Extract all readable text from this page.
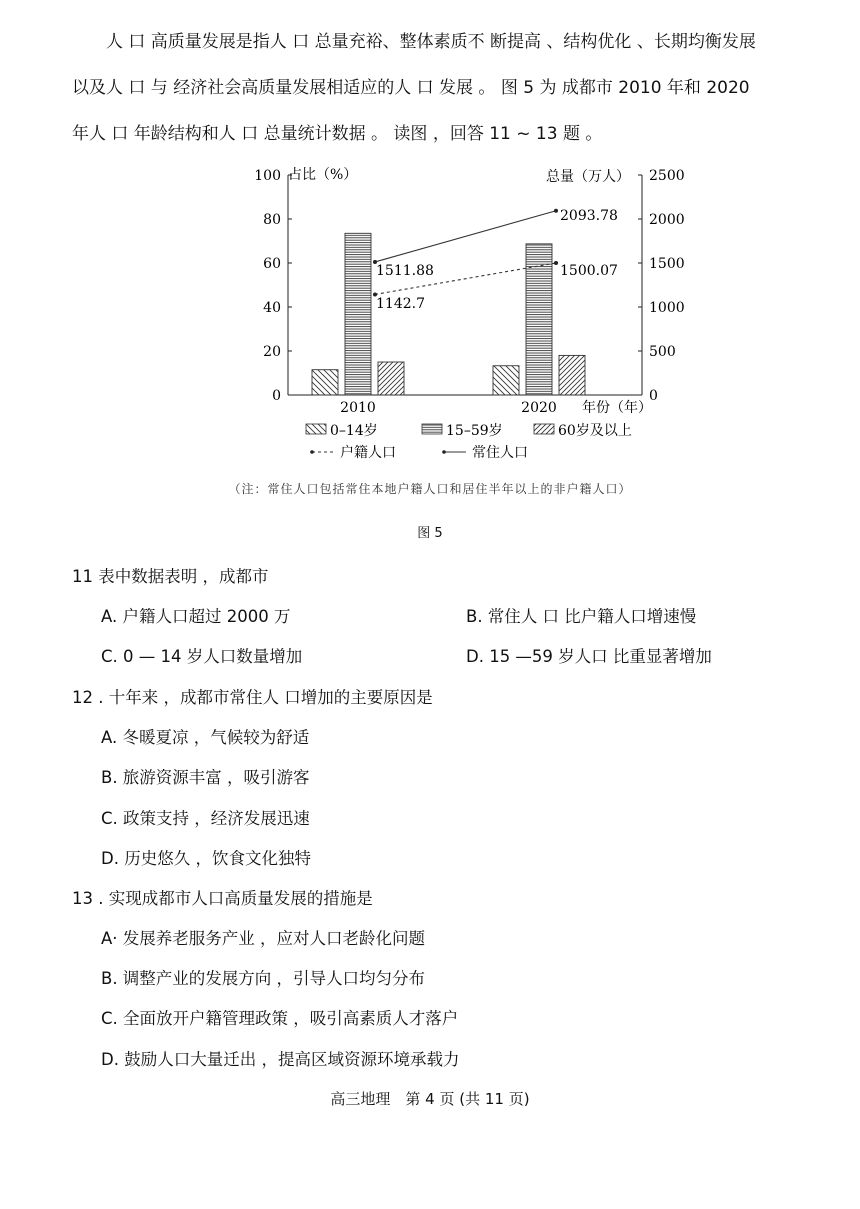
人 口 高质量发展是指人 口 总量充裕、整体素质不 断提高 、结构优化 、长期均衡发展

以及人 口 与 经济社会高质量发展相适应的人 口 发展 。 图 5 为 成都市 2010 年和 2020

年人 口 年龄结构和人 口 总量统计数据 。 读图 ，回答 11 ~ 13 题 。

0
20
40
60
80
100
0
500
1000
1500
2000
2500
2010	2020
占比（%）	总量（万人）
年份（年）
1511.88
2093.78
1142.7
1500.07
0–14岁	15–59岁	60岁及以上
户籍人口	常住人口
（注：常住人口包括常住本地户籍人口和居住半年以上的非户籍人口）
图 5
11 表中数据表明 ，成都市
A. 户籍人口超过 2000 万	B. 常住人 口 比户籍人口增速慢
C. 0 — 14 岁人口数量增加	D. 15 —59 岁人口 比重显著增加
12 . 十年来 ，成都市常住人 口增加的主要原因是
A. 冬暖夏凉 ，气候较为舒适
B. 旅游资源丰富 ，吸引游客
C. 政策支持 ，经济发展迅速
D. 历史悠久 ，饮食文化独特
13 . 实现成都市人口高质量发展的措施是
A· 发展养老服务产业 ，应对人口老龄化问题
B. 调整产业的发展方向 ，引导人口均匀分布
C. 全面放开户籍管理政策 ，吸引高素质人才落户
D. 鼓励人口大量迁出 ，提高区域资源环境承载力
高三地理　第 4 页 (共 11 页)
